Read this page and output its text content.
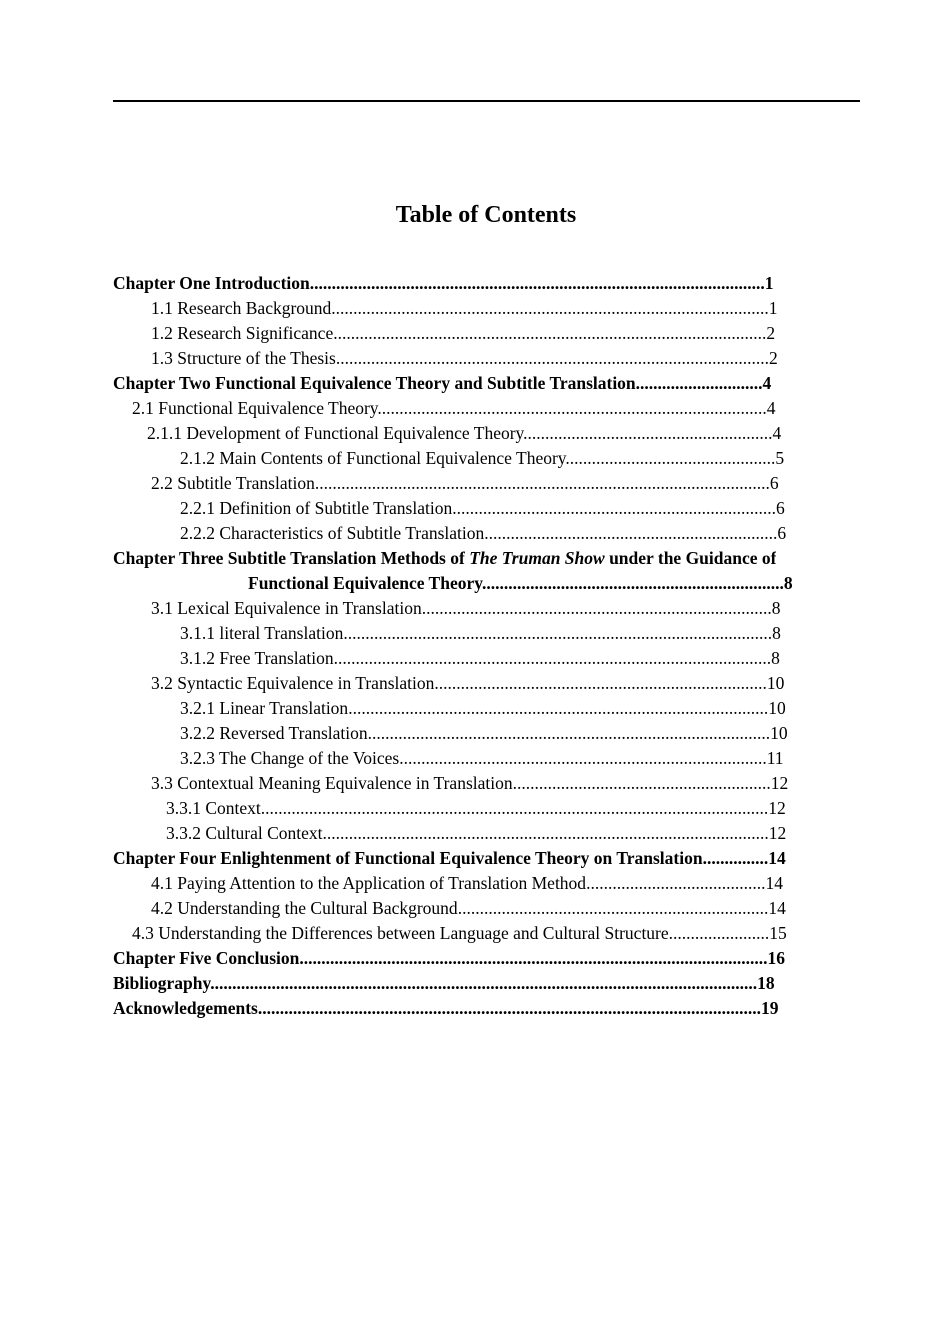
Table of Contents
Chapter One Introduction........................................................................................................1
1.1 Research Background....................................................................................................1
1.2 Research Significance...................................................................................................2
1.3 Structure of the Thesis...................................................................................................2
Chapter Two Functional Equivalence Theory and Subtitle Translation.............................4
2.1 Functional Equivalence Theory.........................................................................................4
2.1.1 Development of Functional Equivalence Theory.........................................................4
2.1.2 Main Contents of Functional Equivalence Theory................................................5
2.2 Subtitle Translation........................................................................................................6
2.2.1 Definition of Subtitle Translation..........................................................................6
2.2.2 Characteristics of Subtitle Translation...................................................................6
Chapter Three Subtitle Translation Methods of The Truman Show under the Guidance of
Functional Equivalence Theory.....................................................................8
3.1 Lexical Equivalence in Translation................................................................................8
3.1.1 literal Translation..................................................................................................8
3.1.2 Free Translation....................................................................................................8
3.2 Syntactic Equivalence in Translation............................................................................10
3.2.1 Linear Translation................................................................................................10
3.2.2 Reversed Translation............................................................................................10
3.2.3 The Change of the Voices....................................................................................11
3.3 Contextual Meaning Equivalence in Translation...........................................................12
3.3.1 Context....................................................................................................................12
3.3.2 Cultural Context......................................................................................................12
Chapter Four Enlightenment of Functional Equivalence Theory on Translation...............14
4.1 Paying Attention to the Application of Translation Method.........................................14
4.2 Understanding the Cultural Background.......................................................................14
4.3 Understanding the Differences between Language and Cultural Structure.......................15
Chapter Five Conclusion...........................................................................................................16
Bibliography.............................................................................................................................18
Acknowledgements...................................................................................................................19
